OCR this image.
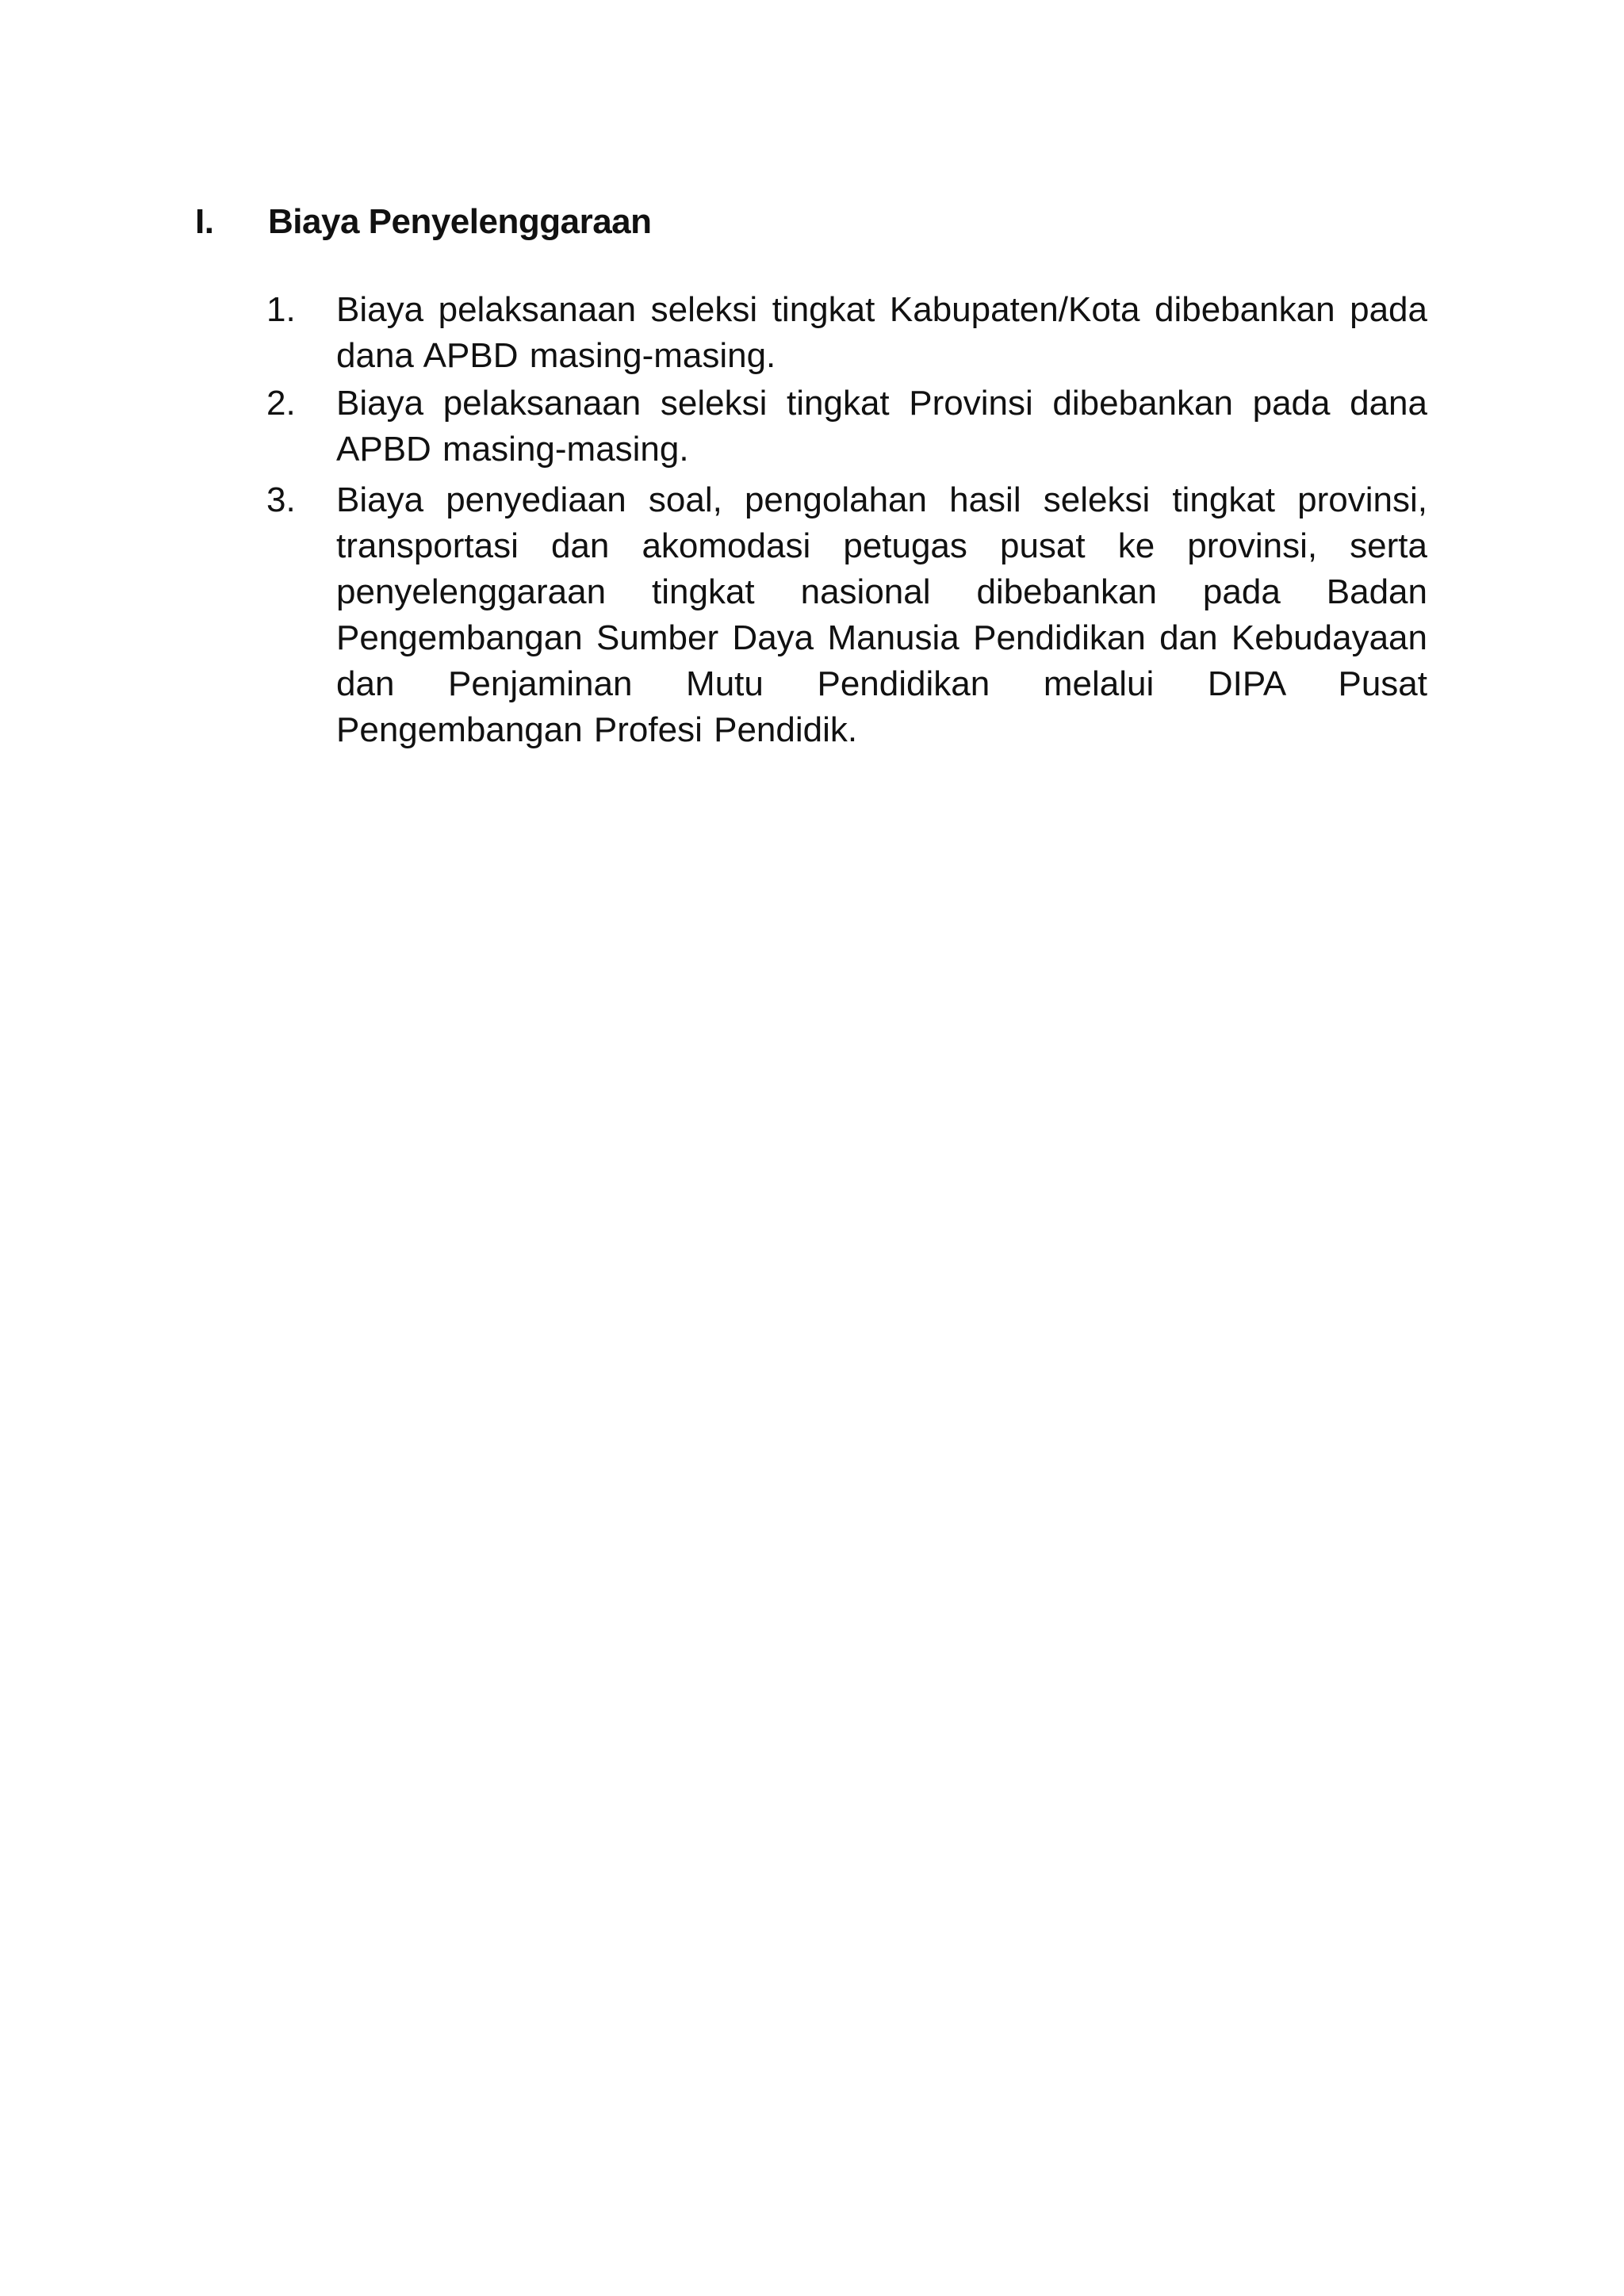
I.	Biaya Penyelenggaraan
1.	Biaya pelaksanaan seleksi tingkat Kabupaten/Kota dibebankan pada dana APBD masing-masing.
2.	Biaya pelaksanaan seleksi tingkat Provinsi dibebankan pada dana APBD masing-masing.
3.	Biaya penyediaan soal, pengolahan hasil seleksi tingkat provinsi, transportasi dan akomodasi petugas pusat ke provinsi, serta penyelenggaraan tingkat nasional dibebankan pada Badan Pengembangan Sumber Daya Manusia Pendidikan dan Kebudayaan dan Penjaminan Mutu Pendidikan melalui DIPA Pusat Pengembangan Profesi Pendidik.
